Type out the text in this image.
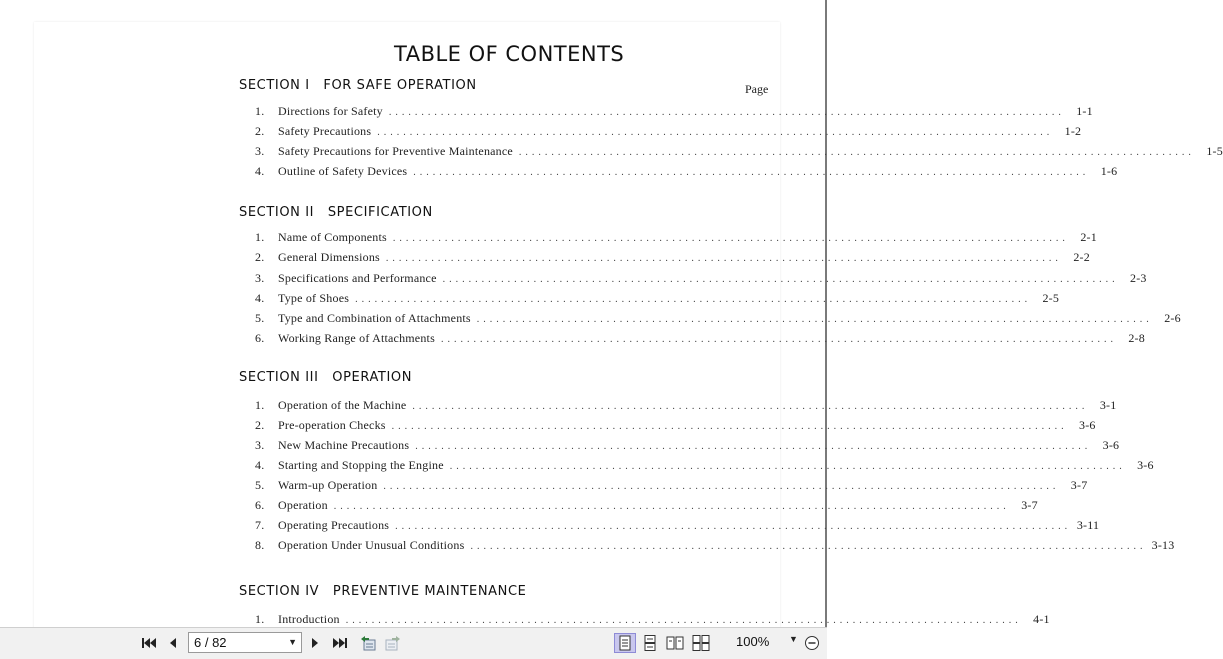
TABLE OF CONTENTS
Page
SECTION I FOR SAFE OPERATION
1.	Directions for Safety ........................................................................................................ 1-1
2.	Safety Precautions ........................................................................................................ 1-2
3.	Safety Precautions for Preventive Maintenance ........................................................................................................ 1-5
4.	Outline of Safety Devices ........................................................................................................ 1-6
SECTION II SPECIFICATION
1.	Name of Components ........................................................................................................ 2-1
2.	General Dimensions ........................................................................................................ 2-2
3.	Specifications and Performance ........................................................................................................ 2-3
4.	Type of Shoes ........................................................................................................ 2-5
5.	Type and Combination of Attachments ........................................................................................................ 2-6
6.	Working Range of Attachments ........................................................................................................ 2-8
SECTION III OPERATION
1.	Operation of the Machine ........................................................................................................ 3-1
2.	Pre-operation Checks ........................................................................................................ 3-6
3.	New Machine Precautions ........................................................................................................ 3-6
4.	Starting and Stopping the Engine ........................................................................................................ 3-6
5.	Warm-up Operation ........................................................................................................ 3-7
6.	Operation ........................................................................................................ 3-7
7.	Operating Precautions ........................................................................................................ 3-11
8.	Operation Under Unusual Conditions ........................................................................................................ 3-13
SECTION IV PREVENTIVE MAINTENANCE
1.	Introduction ........................................................................................................ 4-1
6 / 82	▼	100% ▼
